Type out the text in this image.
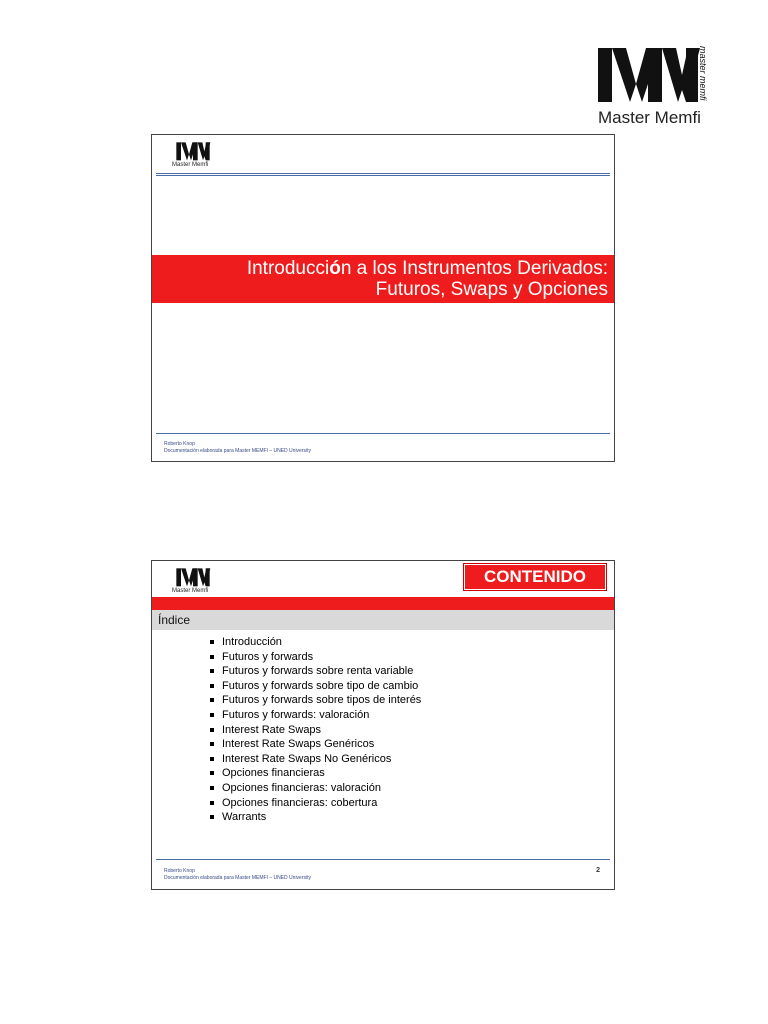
master memfi
Master Memfi
Master Memfi
Introducción a los Instrumentos Derivados:
Futuros, Swaps y Opciones
Roberto Knop
Documentación elaborada para Master MEMFI – UNED University
Master Memfi
CONTENIDO
Índice
Introducción
Futuros y forwards
Futuros y forwards sobre renta variable
Futuros y forwards sobre tipo de cambio
Futuros y forwards sobre tipos de interés
Futuros y forwards: valoración
Interest Rate Swaps
Interest Rate Swaps Genéricos
Interest Rate Swaps No Genéricos
Opciones financieras
Opciones financieras: valoración
Opciones financieras: cobertura
Warrants
Roberto Knop
Documentación elaborada para Master MEMFI – UNED University
2
